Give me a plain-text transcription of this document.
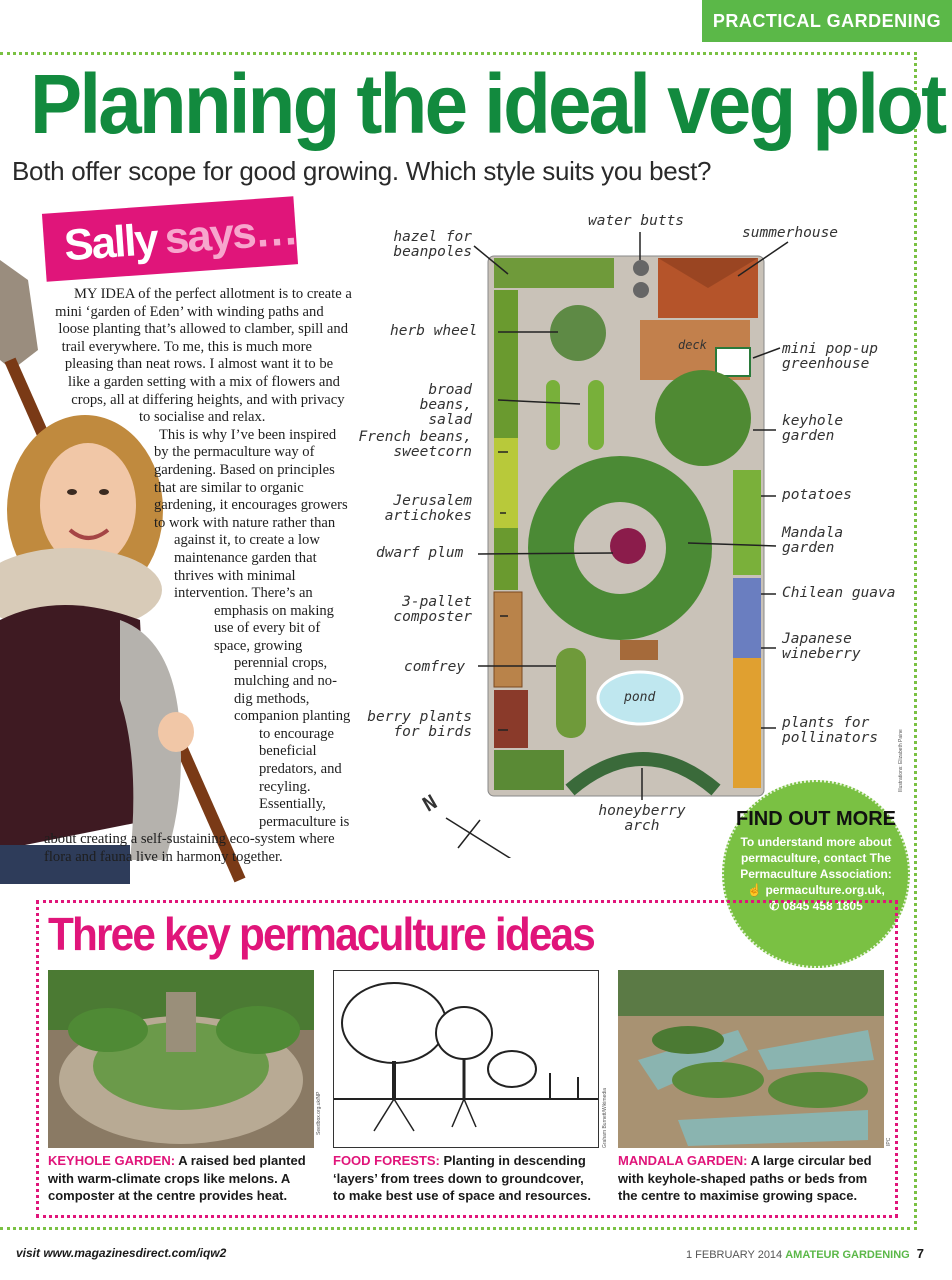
PRACTICAL GARDENING
Planning the ideal veg plot
Both offer scope for good growing. Which style suits you best?
Sally says…

MY IDEA of the perfect allotment is to create a mini ‘garden of Eden’ with winding paths and loose planting that’s allowed to clamber, spill and trail everywhere. To me, this is much more pleasing than neat rows. I almost want it to be like a garden setting with a mix of flowers and crops, all at differing heights, and with privacy to socialise and relax.

This is why I’ve been inspired by the permaculture way of gardening. Based on principles that are similar to organic gardening, it encourages growers to work with nature rather than against it, to create a low maintenance garden that thrives with minimal intervention. There’s an emphasis on making use of every bit of space, growing perennial crops, mulching and no-dig methods, companion planting to encourage beneficial predators, and recyling. Essentially, permaculture is about creating a self-sustaining eco-system where flora and fauna live in harmony together.

water butts
hazel for beanpoles
summerhouse
herb wheel
deck	mini pop-up greenhouse
broad beans, salad	keyhole garden
French beans, sweetcorn
potatoes
Jerusalem artichokes
Mandala garden
dwarf plum
Chilean guava
3-pallet composter
Japanese wineberry
comfrey
pond
berry plants for birds
plants for pollinators
honeyberry arch
N
Illustrations: Elizabeth Paine
FIND OUT MORE
To understand more about permaculture, contact The Permaculture Association:
☝ permaculture.org.uk,
✆ 0845 458 1805
Three key permaculture ideas
Seedbox.org.uk/NP	Graham Burnett/Wikimedia	IPC
KEYHOLE GARDEN: A raised bed planted with warm-climate crops like melons. A composter at the centre provides heat.
FOOD FORESTS: Planting in descending ‘layers’ from trees down to groundcover, to make best use of space and resources.
MANDALA GARDEN: A large circular bed with keyhole-shaped paths or beds from the centre to maximise growing space.
visit www.magazinesdirect.com/iqw2	1 FEBRUARY 2014 AMATEUR GARDENING 7
